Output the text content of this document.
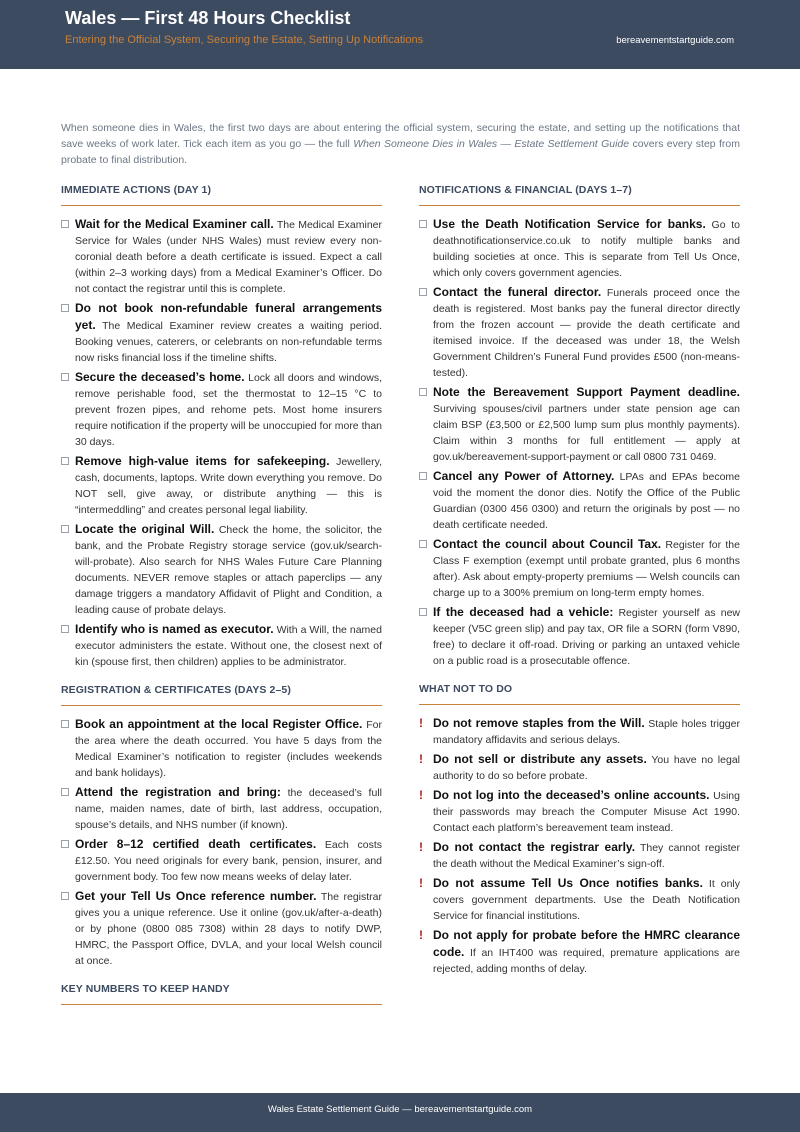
Wales — First 48 Hours Checklist
Entering the Official System, Securing the Estate, Setting Up Notifications	bereavementstartguide.com

When someone dies in Wales, the first two days are about entering the official system, securing the estate, and setting up the notifications that save weeks of work later. Tick each item as you go — the full When Someone Dies in Wales — Estate Settlement Guide covers every step from probate to final distribution.

IMMEDIATE ACTIONS (DAY 1)
Wait for the Medical Examiner call. The Medical Examiner Service for Wales (under NHS Wales) must review every non-coronial death before a death certificate is issued. Expect a call (within 2–3 working days) from a Medical Examiner’s Officer. Do not contact the registrar until this is complete.
Do not book non-refundable funeral arrangements yet. The Medical Examiner review creates a waiting period. Booking venues, caterers, or celebrants on non-refundable terms now risks financial loss if the timeline shifts.
Secure the deceased’s home. Lock all doors and windows, remove perishable food, set the thermostat to 12–15 °C to prevent frozen pipes, and rehome pets. Most home insurers require notification if the property will be unoccupied for more than 30 days.
Remove high-value items for safekeeping. Jewellery, cash, documents, laptops. Write down everything you remove. Do NOT sell, give away, or distribute anything — this is “intermeddling” and creates personal legal liability.
Locate the original Will. Check the home, the solicitor, the bank, and the Probate Registry storage service (gov.uk/search-will-probate). Also search for NHS Wales Future Care Planning documents. NEVER remove staples or attach paperclips — any damage triggers a mandatory Affidavit of Plight and Condition, a leading cause of probate delays.
Identify who is named as executor. With a Will, the named executor administers the estate. Without one, the closest next of kin (spouse first, then children) applies to be administrator.
REGISTRATION & CERTIFICATES (DAYS 2–5)
Book an appointment at the local Register Office. For the area where the death occurred. You have 5 days from the Medical Examiner’s notification to register (includes weekends and bank holidays).
Attend the registration and bring: the deceased’s full name, maiden names, date of birth, last address, occupation, spouse’s details, and NHS number (if known).
Order 8–12 certified death certificates. Each costs £12.50. You need originals for every bank, pension, insurer, and government body. Too few now means weeks of delay later.
Get your Tell Us Once reference number. The registrar gives you a unique reference. Use it online (gov.uk/after-a-death) or by phone (0800 085 7308) within 28 days to notify DWP, HMRC, the Passport Office, DVLA, and your local Welsh council at once.
KEY NUMBERS TO KEEP HANDY
NOTIFICATIONS & FINANCIAL (DAYS 1–7)
Use the Death Notification Service for banks. Go to deathnotificationservice.co.uk to notify multiple banks and building societies at once. This is separate from Tell Us Once, which only covers government agencies.
Contact the funeral director. Funerals proceed once the death is registered. Most banks pay the funeral director directly from the frozen account — provide the death certificate and itemised invoice. If the deceased was under 18, the Welsh Government Children’s Funeral Fund provides £500 (non-means-tested).
Note the Bereavement Support Payment deadline. Surviving spouses/civil partners under state pension age can claim BSP (£3,500 or £2,500 lump sum plus monthly payments). Claim within 3 months for full entitlement — apply at gov.uk/bereavement-support-payment or call 0800 731 0469.
Cancel any Power of Attorney. LPAs and EPAs become void the moment the donor dies. Notify the Office of the Public Guardian (0300 456 0300) and return the originals by post — no death certificate needed.
Contact the council about Council Tax. Register for the Class F exemption (exempt until probate granted, plus 6 months after). Ask about empty-property premiums — Welsh councils can charge up to a 300% premium on long-term empty homes.
If the deceased had a vehicle: Register yourself as new keeper (V5C green slip) and pay tax, OR file a SORN (form V890, free) to declare it off-road. Driving or parking an untaxed vehicle on a public road is a prosecutable offence.
WHAT NOT TO DO
! Do not remove staples from the Will. Staple holes trigger mandatory affidavits and serious delays.
! Do not sell or distribute any assets. You have no legal authority to do so before probate.
! Do not log into the deceased’s online accounts. Using their passwords may breach the Computer Misuse Act 1990. Contact each platform’s bereavement team instead.
! Do not contact the registrar early. They cannot register the death without the Medical Examiner’s sign-off.
! Do not assume Tell Us Once notifies banks. It only covers government departments. Use the Death Notification Service for financial institutions.
! Do not apply for probate before the HMRC clearance code. If an IHT400 was required, premature applications are rejected, adding months of delay.
Wales Estate Settlement Guide — bereavementstartguide.com
